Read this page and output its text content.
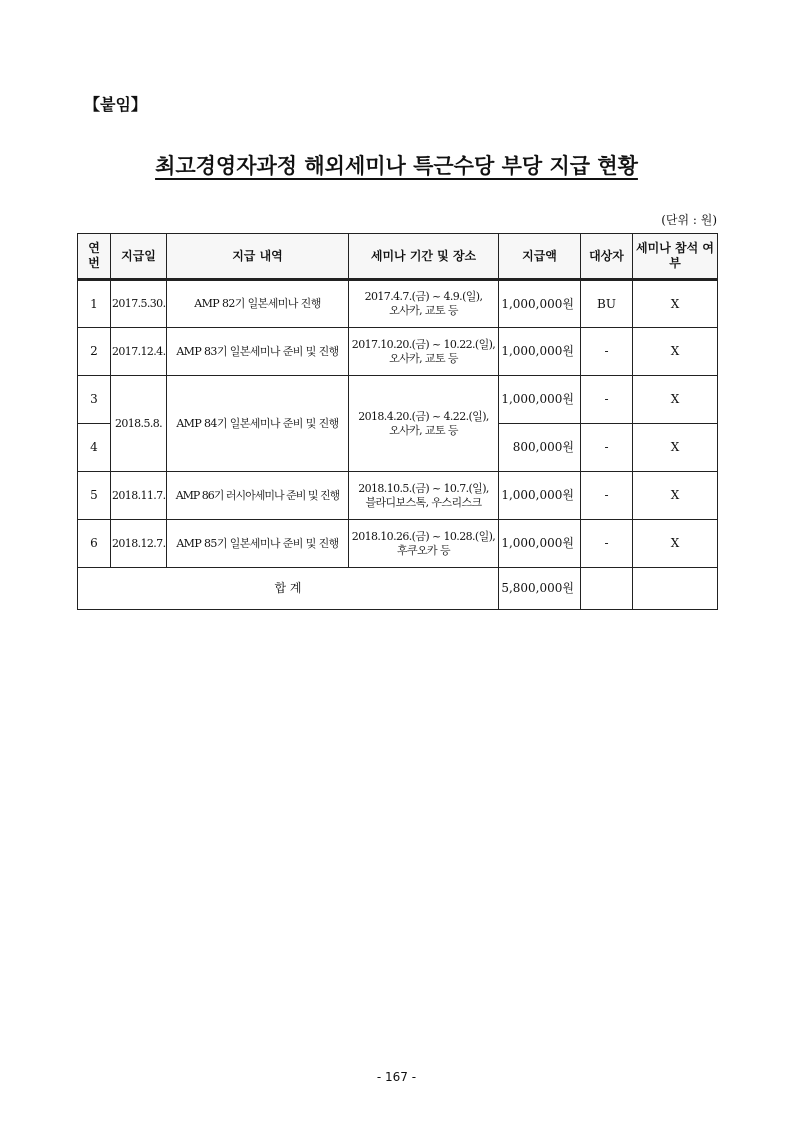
【붙임】
최고경영자과정 해외세미나 특근수당 부당 지급 현황
(단위 : 원)
연번	지급일	지급 내역	세미나 기간 및 장소	지급액	대상자	세미나 참석 여부
1	2017.5.30.	AMP 82기 일본세미나 진행	2017.4.7.(금) ~ 4.9.(일),
오사카, 교토 등	1,000,000원	BU	X
2	2017.12.4.	AMP 83기 일본세미나 준비 및 진행	2017.10.20.(금) ~ 10.22.(일),
오사카, 교토 등	1,000,000원	-	X
3	2018.5.8.	AMP 84기 일본세미나 준비 및 진행	2018.4.20.(금) ~ 4.22.(일),
오사카, 교토 등	1,000,000원	-	X
4				800,000원	-	X
5	2018.11.7.	AMP 86기 러시아세미나 준비 및 진행	2018.10.5.(금) ~ 10.7.(일),
블라디보스톡, 우스리스크	1,000,000원	-	X
6	2018.12.7.	AMP 85기 일본세미나 준비 및 진행	2018.10.26.(금) ~ 10.28.(일),
후쿠오카 등	1,000,000원	-	X
합 계				5,800,000원		
- 167 -
